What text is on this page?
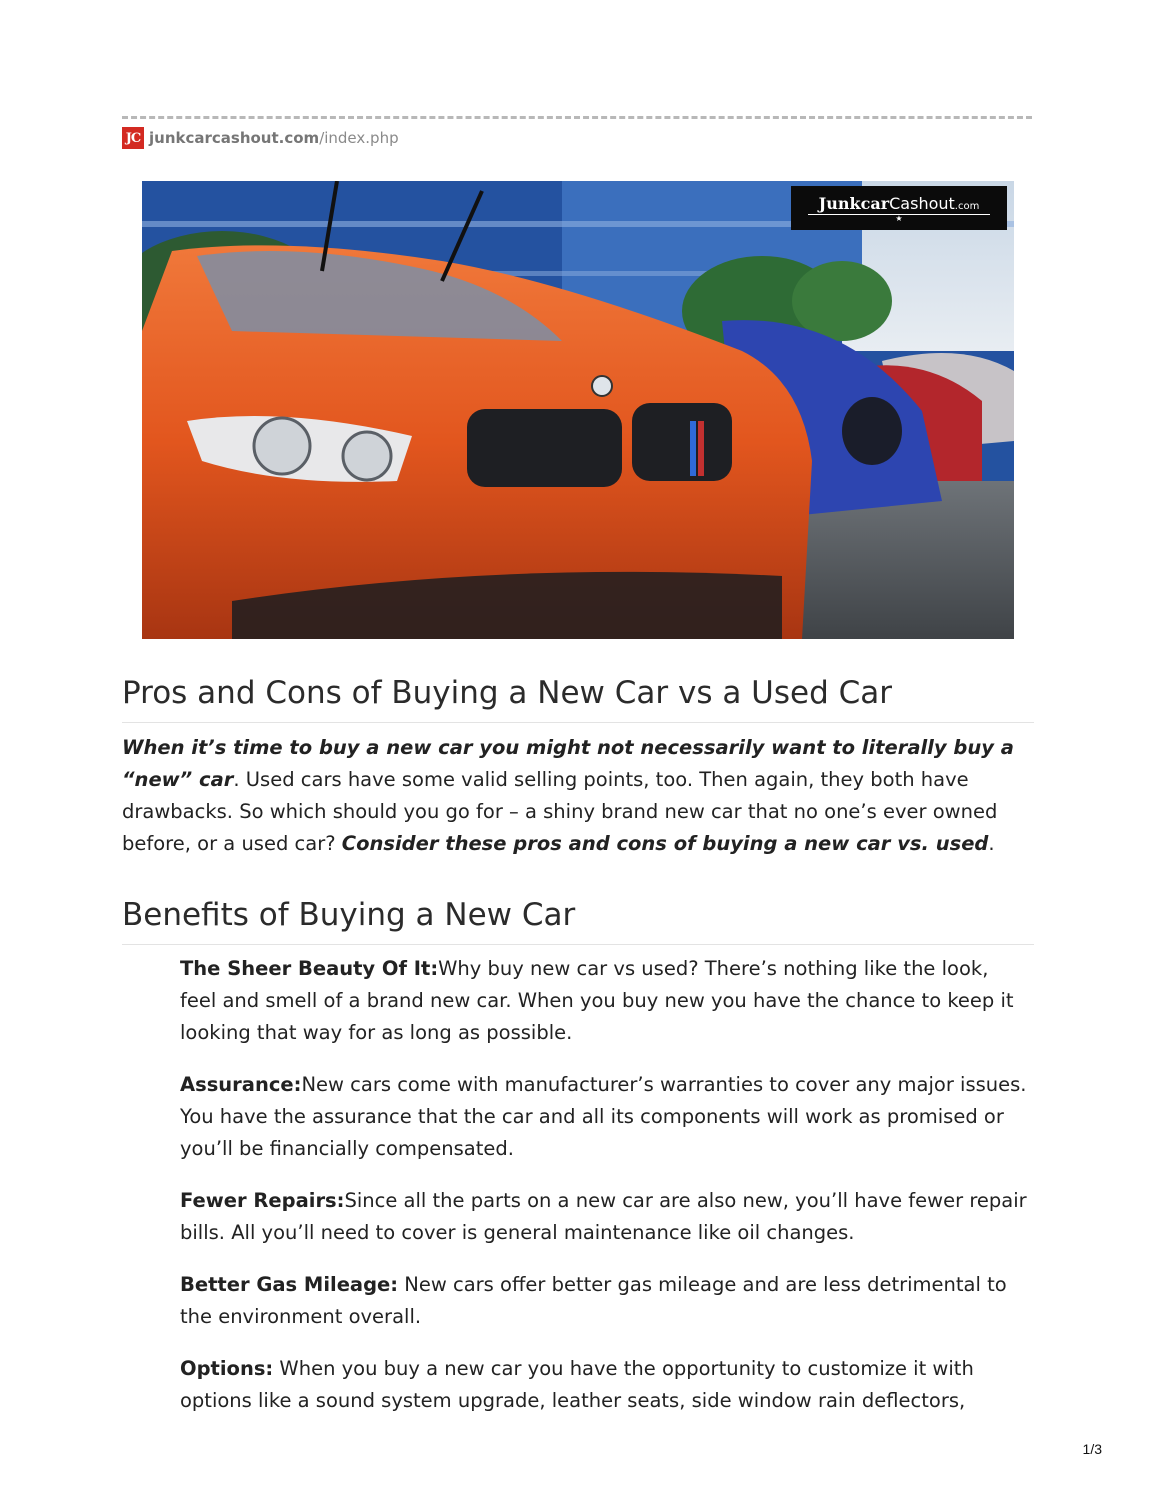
JC junkcarcashout.com /index.php
JunkcarCashout.com
★
Pros and Cons of Buying a New Car vs a Used Car

When it’s time to buy a new car you might not necessarily want to literally buy a “new” car. Used cars have some valid selling points, too. Then again, they both have drawbacks. So which should you go for – a shiny brand new car that no one’s ever owned before, or a used car? Consider these pros and cons of buying a new car vs. used.

Benefits of Buying a New Car

The Sheer Beauty Of It:Why buy new car vs used? There’s nothing like the look, feel and smell of a brand new car. When you buy new you have the chance to keep it looking that way for as long as possible.

Assurance:New cars come with manufacturer’s warranties to cover any major issues. You have the assurance that the car and all its components will work as promised or you’ll be financially compensated.

Fewer Repairs:Since all the parts on a new car are also new, you’ll have fewer repair bills. All you’ll need to cover is general maintenance like oil changes.

Better Gas Mileage: New cars offer better gas mileage and are less detrimental to the environment overall.

Options: When you buy a new car you have the opportunity to customize it with options like a sound system upgrade, leather seats, side window rain deflectors,

1/3
